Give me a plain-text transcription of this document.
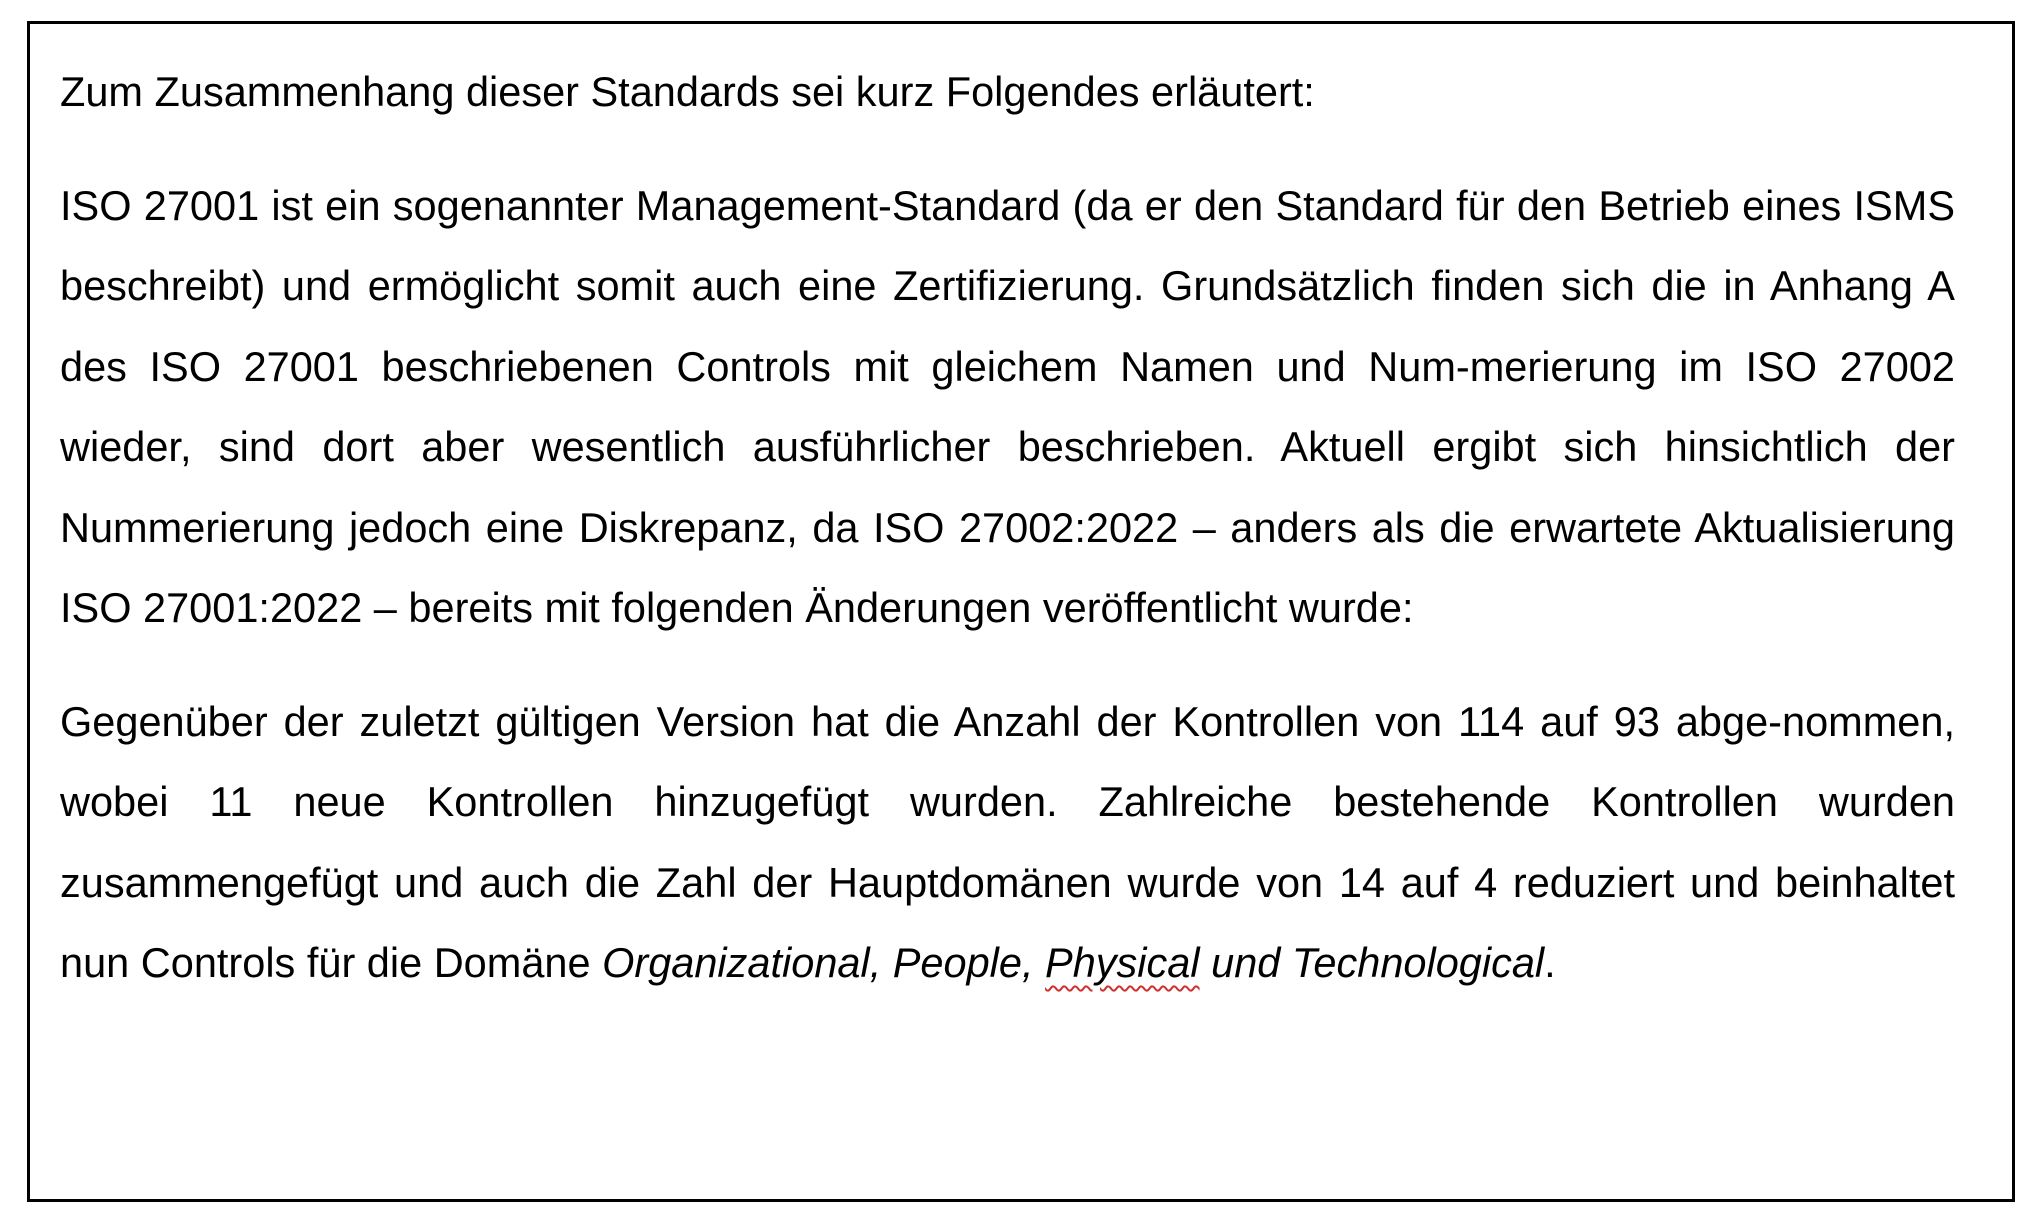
Zum Zusammenhang dieser Standards sei kurz Folgendes erläutert:

ISO 27001 ist ein sogenannter Management-Standard (da er den Standard für den Betrieb eines ISMS beschreibt) und ermöglicht somit auch eine Zertifizierung. Grundsätzlich finden sich die in Anhang A des ISO 27001 beschriebenen Controls mit gleichem Namen und Num-merierung im ISO 27002 wieder, sind dort aber wesentlich ausführlicher beschrieben. Aktuell ergibt sich hinsichtlich der Nummerierung jedoch eine Diskrepanz, da ISO 27002:2022 – anders als die erwartete Aktualisierung ISO 27001:2022 – bereits mit folgenden Änderungen veröffentlicht wurde:

Gegenüber der zuletzt gültigen Version hat die Anzahl der Kontrollen von 114 auf 93 abge-nommen, wobei 11 neue Kontrollen hinzugefügt wurden. Zahlreiche bestehende Kontrollen wurden zusammengefügt und auch die Zahl der Hauptdomänen wurde von 14 auf 4 reduziert und beinhaltet nun Controls für die Domäne Organizational, People, Physical und Technological.
